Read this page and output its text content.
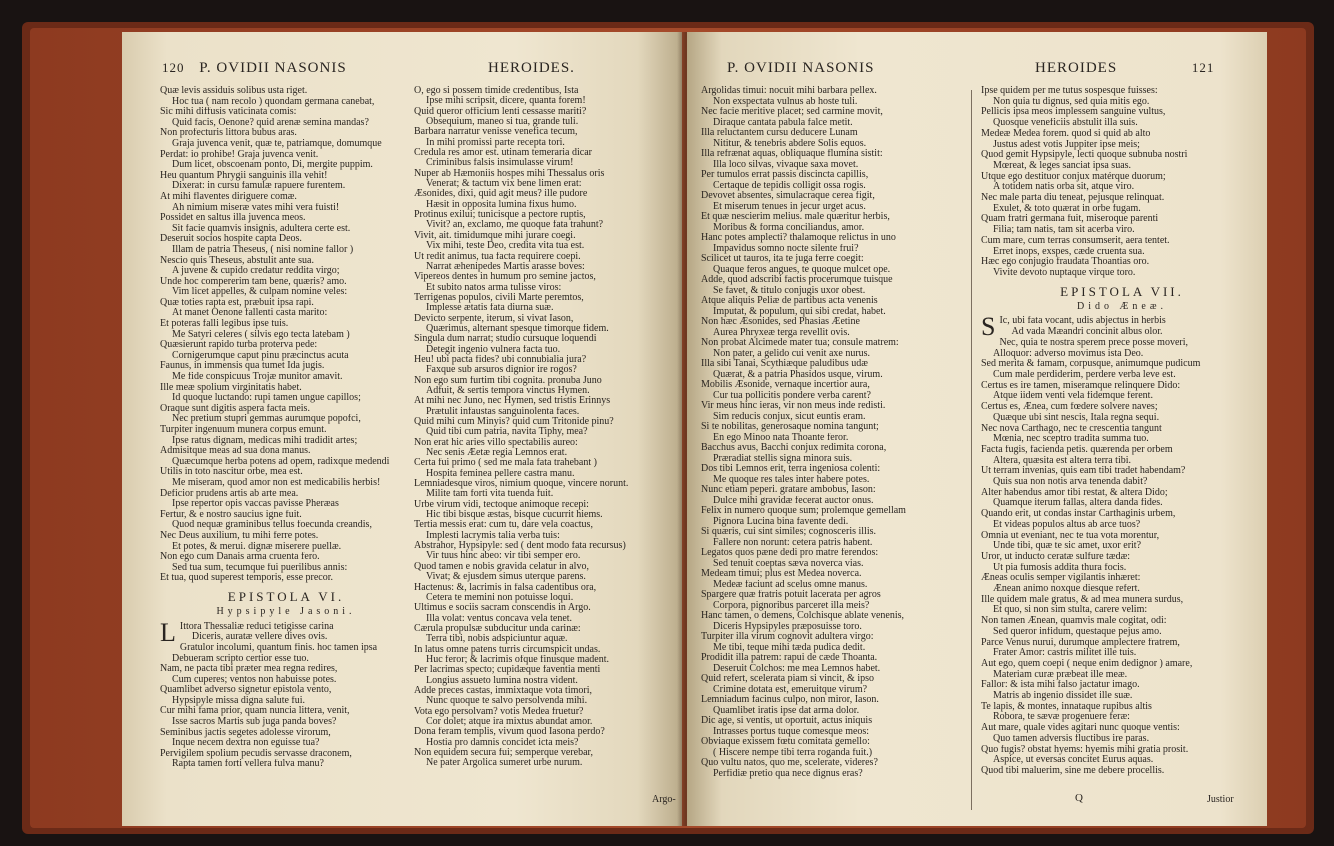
120 P. OVIDII NASONIS	HEROIDES.
Quæ levis assiduis solibus usta riget.
Hoc tua ( nam recolo ) quondam germana canebat,
Sic mihi diffusis vaticinata comis:
Quid facis, Oenone? quid arenæ semina mandas?
Non profecturis littora bubus aras.
Graja juvenca venit, quæ te, patriamque, domumque
Perdat: io prohibe! Graja juvenca venit.
Dum licet, obscoenam ponto, Di, mergite puppim.
Heu quantum Phrygii sanguinis illa vehit!
Dixerat: in cursu famulæ rapuere furentem.
At mihi flaventes diriguere comæ.
Ah nimium miseræ vates mihi vera fuisti!
Possidet en saltus illa juvenca meos.
Sit facie quamvis insignis, adultera certe est.
Deseruit socios hospite capta Deos.
Illam de patria Theseus, ( nisi nomine fallor )
Nescio quis Theseus, abstulit ante sua.
A juvene & cupido credatur reddita virgo;
Unde hoc compererim tam bene, quæris? amo.
Vim licet appelles, & culpam nomine veles:
Quæ toties rapta est, præbuit ipsa rapi.
At manet Oenone fallenti casta marito:
Et poteras falli legibus ipse tuis.
Me Satyri celeres ( silvis ego tecta latebam )
Quæsierunt rapido turba proterva pede:
Cornigerumque caput pinu præcinctus acuta
Faunus, in immensis qua tumet Ida jugis.
Me fide conspicuus Trojæ munitor amavit.
Ille meæ spolium virginitatis habet.
Id quoque luctando: rupi tamen ungue capillos;
Oraque sunt digitis aspera facta meis.
Nec pretium stupri gemmas aurumque popofci,
Turpiter ingenuum munera corpus emunt.
Ipse ratus dignam, medicas mihi tradidit artes;
Admisitque meas ad sua dona manus.
Quæcumque herba potens ad opem, radixque medendi
Utilis in toto nascitur orbe, mea est.
Me miseram, quod amor non est medicabilis herbis!
Deficior prudens artis ab arte mea.
Ipse repertor opis vaccas pavisse Pheræas
Fertur, & e nostro saucius igne fuit.
Quod nequæ graminibus tellus foecunda creandis,
Nec Deus auxilium, tu mihi ferre potes.
Et potes, & merui. dignæ miserere puellæ.
Non ego cum Danais arma cruenta fero.
Sed tua sum, tecumque fui puerilibus annis:
Et tua, quod superest temporis, esse precor.
EPISTOLA VI.
Hypsipyle Jasoni.
L Ittora Thessaliæ reduci tetigisse carina
Diceris, auratæ vellere dives ovis.
Gratulor incolumi, quantum finis. hoc tamen ipsa
Debueram scripto certior esse tuo.
Nam, ne pacta tibi præter mea regna redires,
Cum cuperes; ventos non habuisse potes.
Quamlibet adverso signetur epistola vento,
Hypsipyle missa digna salute fui.
Cur mihi fama prior, quam nuncia littera, venit,
Isse sacros Martis sub juga panda boves?
Seminibus jactis segetes adolesse virorum,
Inque necem dextra non eguisse tua?
Pervigilem spolium pecudis servasse draconem,
Rapta tamen forti vellera fulva manu?
O, ego si possem timide credentibus, Ista
Ipse mihi scripsit, dicere, quanta forem!
Quid queror officium lenti cessasse mariti?
Obsequium, maneo si tua, grande tuli.
Barbara narratur venisse venefica tecum,
In mihi promissi parte recepta tori.
Credula res amor est. utinam temeraria dicar
Criminibus falsis insimulasse virum!
Nuper ab Hæmoniis hospes mihi Thessalus oris
Venerat; & tactum vix bene limen erat:
Æsonides, dixi, quid agit meus? ille pudore
Hæsit in opposita lumina fixus humo.
Protinus exilui; tunicisque a pectore ruptis,
Vivit? an, exclamo, me quoque fata trahunt?
Vivit, ait. timidumque mihi jurare coegi.
Vix mihi, teste Deo, credita vita tua est.
Ut redit animus, tua facta requirere coepi.
Narrat æhenipedes Martis arasse boves:
Vipereos dentes in humum pro semine jactos,
Et subito natos arma tulisse viros:
Terrigenas populos, civili Marte peremtos,
Implesse ætatis fata diurna suæ.
Devicto serpente, iterum, si vivat Iason,
Quærimus, alternant spesque timorque fidem.
Singula dum narrat; studio cursuque loquendi
Detegit ingenio vulnera facta tuo.
Heu! ubi pacta fides? ubi connubialia jura?
Faxque sub arsuros dignior ire rogos?
Non ego sum furtim tibi cognita. pronuba Juno
Adfuit, & sertis tempora vinctus Hymen.
At mihi nec Juno, nec Hymen, sed tristis Erinnys
Prætulit infaustas sanguinolenta faces.
Quid mihi cum Minyis? quid cum Tritonide pinu?
Quid tibi cum patria, navita Tiphy, mea?
Non erat hic aries villo spectabilis aureo:
Nec senis Æetæ regia Lemnos erat.
Certa fui primo ( sed me mala fata trahebant )
Hospita feminea pellere castra manu.
Lemniadesque viros, nimium quoque, vincere norunt.
Milite tam forti vita tuenda fuit.
Urbe virum vidi, tectoque animoque recepi:
Hic tibi bisque æstas, bisque cucurrit hiems.
Tertia messis erat: cum tu, dare vela coactus,
Implesti lacrymis talia verba tuis:
Abstrahor, Hypsipyle: sed ( dent modo fata recursus)
Vir tuus hinc abeo: vir tibi semper ero.
Quod tamen e nobis gravida celatur in alvo,
Vivat; & ejusdem simus uterque parens.
Hactenus: &, lacrimis in falsa cadentibus ora,
Cetera te memini non potuisse loqui.
Ultimus e sociis sacram conscendis in Argo.
Illa volat: ventus concava vela tenet.
Cærula propulsæ subducitur unda carinæ:
Terra tibi, nobis adspiciuntur aquæ.
In latus omne patens turris circumspicit undas.
Huc feror; & lacrimis ofque finusque madent.
Per lacrimas specto; cupidæque faventia menti
Longius assueto lumina nostra vident.
Adde preces castas, immixtaque vota timori,
Nunc quoque te salvo persolvenda mihi.
Vota ego persolvam? votis Medea fruetur?
Cor dolet; atque ira mixtus abundat amor.
Dona feram templis, vivum quod Iasona perdo?
Hostia pro damnis concidet icta meis?
Non equidem secura fui; semperque verebar,
Ne pater Argolica sumeret urbe nurum.
Argo-
P. OVIDII NASONIS	HEROIDES	121
Argolidas timui: nocuit mihi barbara pellex.
Non exspectata vulnus ab hoste tuli.
Nec facie meritive placet; sed carmine movit,
Diraque cantata pabula falce metit.
Illa reluctantem cursu deducere Lunam
Nititur, & tenebris abdere Solis equos.
Illa refrænat aquas, obliquaque flumina sistit:
Illa loco silvas, vivaque saxa movet.
Per tumulos errat passis discincta capillis,
Certaque de tepidis colligit ossa rogis.
Devovet absentes, simulacraque cerea figit,
Et miserum tenues in jecur urget acus.
Et quæ nescierim melius. male quæritur herbis,
Moribus & forma conciliandus, amor.
Hanc potes amplecti? thalamoque relictus in uno
Impavidus somno nocte silente frui?
Scilicet ut tauros, ita te juga ferre coegit:
Quaque feros angues, te quoque mulcet ope.
Adde, quod adscribi factis procerumque tuisque
Se favet, & titulo conjugis uxor obest.
Atque aliquis Peliæ de partibus acta venenis
Imputat, & populum, qui sibi credat, habet.
Non hæc Æsonides, sed Phasias Æetine
Aurea Phryxeæ terga revellit ovis.
Non probat Alcimede mater tua; consule matrem:
Non pater, a gelido cui venit axe nurus.
Illa sibi Tanai, Scythiæque paludibus udæ
Quærat, & a patria Phasidos usque, virum.
Mobilis Æsonide, vernaque incertior aura,
Cur tua pollicitis pondere verba carent?
Vir meus hinc ieras, vir non meus inde redisti.
Sim reducis conjux, sicut euntis eram.
Si te nobilitas, generosaque nomina tangunt;
En ego Minoo nata Thoante feror.
Bacchus avus, Bacchi conjux redimita corona,
Præradiat stellis signa minora suis.
Dos tibi Lemnos erit, terra ingeniosa colenti:
Me quoque res tales inter habere potes.
Nunc etiam peperi. gratare ambobus, Iason:
Dulce mihi gravidæ fecerat auctor onus.
Felix in numero quoque sum; prolemque gemellam
Pignora Lucina bina favente dedi.
Si quæris, cui sint similes; cognosceris illis.
Fallere non norunt: cetera patris habent.
Legatos quos pæne dedi pro matre ferendos:
Sed tenuit coeptas sæva noverca vias.
Medeam timui; plus est Medea noverca.
Medeæ faciunt ad scelus omne manus.
Spargere quæ fratris potuit lacerata per agros
Corpora, pignoribus parceret illa meis?
Hanc tamen, o demens, Colchisque ablate venenis,
Diceris Hypsipyles præposuisse toro.
Turpiter illa virum cognovit adultera virgo:
Me tibi, teque mihi tæda pudica dedit.
Prodidit illa patrem: rapui de cæde Thoanta.
Deseruit Colchos: me mea Lemnos habet.
Quid refert, scelerata piam si vincit, & ipso
Crimine dotata est, emeruitque virum?
Lemniadum facinus culpo, non miror, Iason.
Quamlibet iratis ipse dat arma dolor.
Dic age, si ventis, ut oportuit, actus iniquis
Intrasses portus tuque comesque meos:
Obviaque exissem fœtu comitata gemello:
( Hiscere nempe tibi terra roganda fuit.)
Quo vultu natos, quo me, scelerate, videres?
Perfidiæ pretio qua nece dignus eras?
Ipse quidem per me tutus sospesque fuisses:
Non quia tu dignus, sed quia mitis ego.
Pellicis ipsa meos implessem sanguine vultus,
Quosque veneficiis abstulit illa suis.
Medeæ Medea forem. quod si quid ab alto
Justus adest votis Juppiter ipse meis;
Quod gemit Hypsipyle, lecti quoque subnuba nostri
Mœreat, & leges sanciat ipsa suas.
Utque ego destituor conjux matérque duorum;
A totidem natis orba sit, atque viro.
Nec male parta diu teneat, pejusque relinquat.
Exulet, & toto quærat in orbe fugam.
Quam fratri germana fuit, miseroque parenti
Filia; tam natis, tam sit acerba viro.
Cum mare, cum terras consumserit, aera tentet.
Erret inops, exspes, cæde cruenta sua.
Hæc ego conjugio fraudata Thoantias oro.
Vivite devoto nuptaque virque toro.
EPISTOLA VII.
Dido Æneæ.
S Ic, ubi fata vocant, udis abjectus in herbis
Ad vada Mæandri concinit albus olor.
Nec, quia te nostra sperem prece posse moveri,
Alloquor: adverso movimus ista Deo.
Sed merita & famam, corpusque, animumque pudicum
Cum male perdiderim, perdere verba leve est.
Certus es ire tamen, miseramque relinquere Dido:
Atque iidem venti vela fidemque ferent.
Certus es, Ænea, cum fœdere solvere naves;
Quæque ubi sint nescis, Itala regna sequi.
Nec nova Carthago, nec te crescentia tangunt
Mœnia, nec sceptro tradita summa tuo.
Facta fugis, facienda petis. quærenda per orbem
Altera, quæsita est altera terra tibi.
Ut terram invenias, quis eam tibi tradet habendam?
Quis sua non notis arva tenenda dabit?
Alter habendus amor tibi restat, & altera Dido;
Quamque iterum fallas, altera danda fides.
Quando erit, ut condas instar Carthaginis urbem,
Et videas populos altus ab arce tuos?
Omnia ut eveniant, nec te tua vota morentur,
Unde tibi, quæ te sic amet, uxor erit?
Uror, ut inducto ceratæ sulfure tædæ:
Ut pia fumosis addita thura focis.
Æneas oculis semper vigilantis inhæret:
Ænean animo noxque diesque refert.
Ille quidem male gratus, & ad mea munera surdus,
Et quo, si non sim stulta, carere velim:
Non tamen Ænean, quamvis male cogitat, odi:
Sed queror infidum, questaque pejus amo.
Parce Venus nurui, durumque amplectere fratrem,
Frater Amor: castris militet ille tuis.
Aut ego, quem coepi ( neque enim dedignor ) amare,
Materiam curæ præbeat ille meæ.
Fallor: & ista mihi falso jactatur imago.
Matris ab ingenio dissidet ille suæ.
Te lapis, & montes, innataque rupibus altis
Robora, te sævæ progenuere feræ:
Aut mare, quale vides agitari nunc quoque ventis:
Quo tamen adversis fluctibus ire paras.
Quo fugis? obstat hyems: hyemis mihi gratia prosit.
Aspice, ut eversas concitet Eurus aquas.
Quod tibi maluerim, sine me debere procellis.
Q	Justior
